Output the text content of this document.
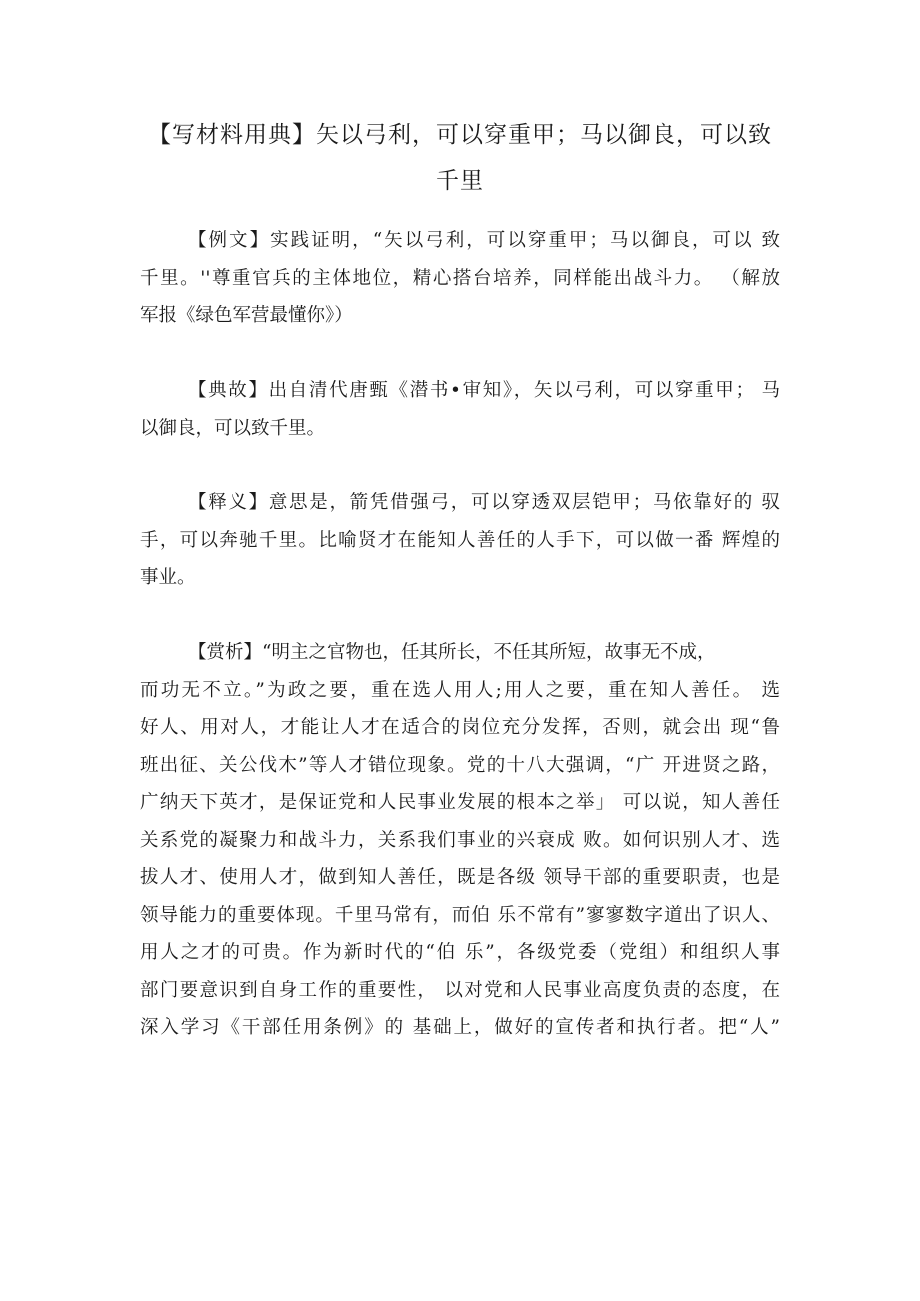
【写材料用典】矢以弓利，可以穿重甲；马以御良，可以致
千里
【例文】实践证明，“矢以弓利，可以穿重甲；马以御良，可以 致
千里。''尊重官兵的主体地位，精心搭台培养，同样能出战斗力。 （解放
军报《绿色军营最懂你》）
【典故】出自清代唐甄《潜书•审知》，矢以弓利，可以穿重甲； 马
以御良，可以致千里。
【释义】意思是，箭凭借强弓，可以穿透双层铠甲；马依靠好的 驭
手，可以奔驰千里。比喻贤才在能知人善任的人手下，可以做一番 辉煌的
事业。
【赏析】“明主之官物也，任其所长，不任其所短，故事无不成，
而功无不立。”为政之要，重在选人用人;用人之要，重在知人善任。 选
好人、用对人，才能让人才在适合的岗位充分发挥，否则，就会出 现“鲁
班出征、关公伐木”等人才错位现象。党的十八大强调，“广 开进贤之路，
广纳天下英才，是保证党和人民事业发展的根本之举」 可以说，知人善任
关系党的凝聚力和战斗力，关系我们事业的兴衰成 败。如何识别人才、选
拔人才、使用人才，做到知人善任，既是各级 领导干部的重要职责，也是
领导能力的重要体现。千里马常有，而伯 乐不常有”寥寥数字道出了识人、
用人之才的可贵。作为新时代的“伯 乐”，各级党委（党组）和组织人事
部门要意识到自身工作的重要性， 以对党和人民事业高度负责的态度，在
深入学习《干部任用条例》的 基础上，做好的宣传者和执行者。把“人”
